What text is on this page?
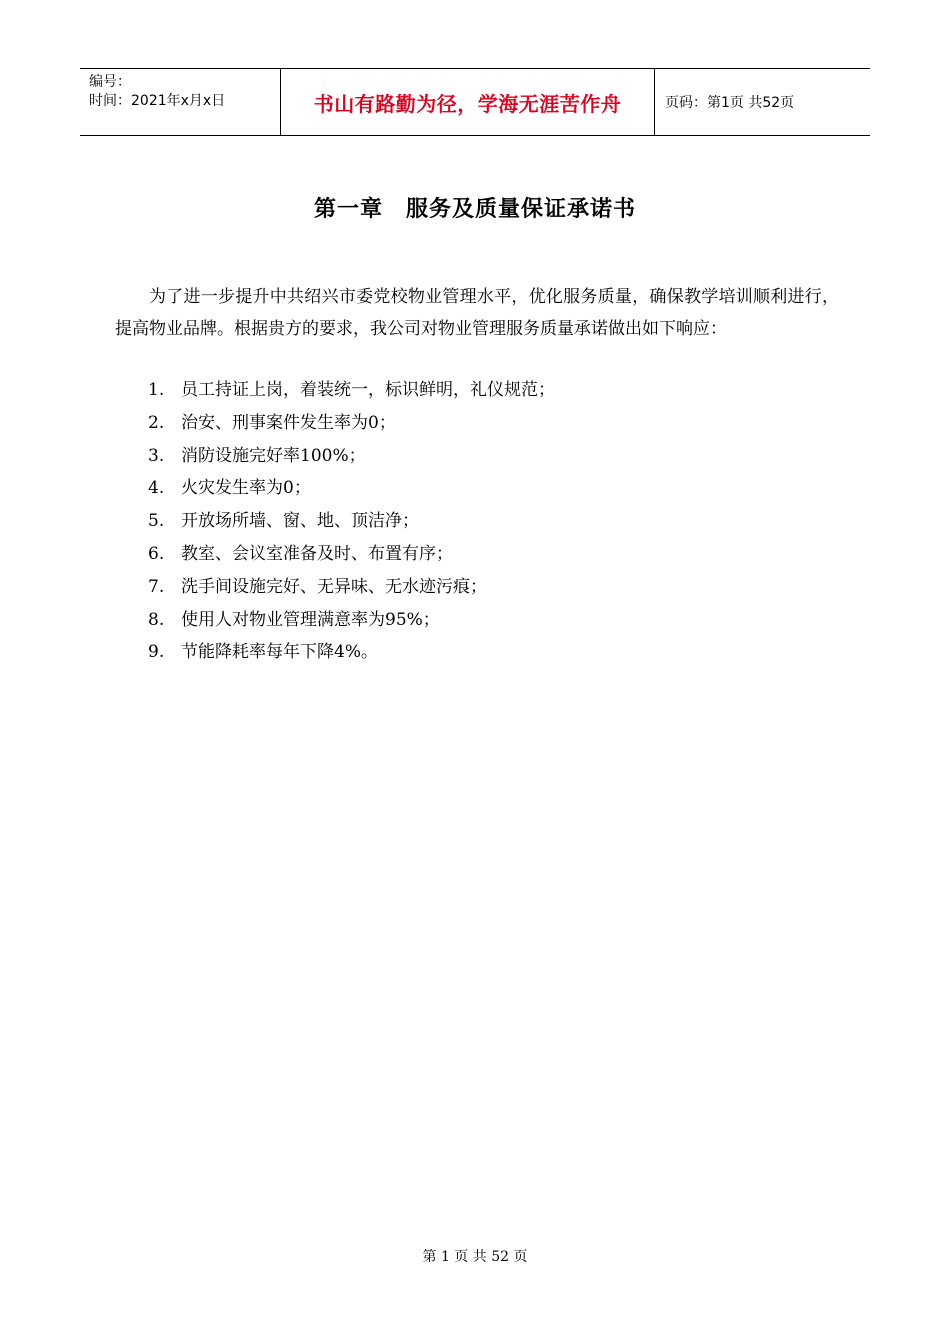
编号：
时间：2021年x月x日	书山有路勤为径，学海无涯苦作舟	页码：第1页 共52页
第一章　服务及质量保证承诺书

为了进一步提升中共绍兴市委党校物业管理水平，优化服务质量，确保教学培训顺利进行，提高物业品牌。根据贵方的要求，我公司对物业管理服务质量承诺做出如下响应：

1. 员工持证上岗，着装统一，标识鲜明，礼仪规范；
2. 治安、刑事案件发生率为0；
3. 消防设施完好率100%；
4. 火灾发生率为0；
5. 开放场所墙、窗、地、顶洁净；
6. 教室、会议室准备及时、布置有序；
7. 洗手间设施完好、无异味、无水迹污痕；
8. 使用人对物业管理满意率为95%；
9. 节能降耗率每年下降4%。
第 1 页 共 52 页
